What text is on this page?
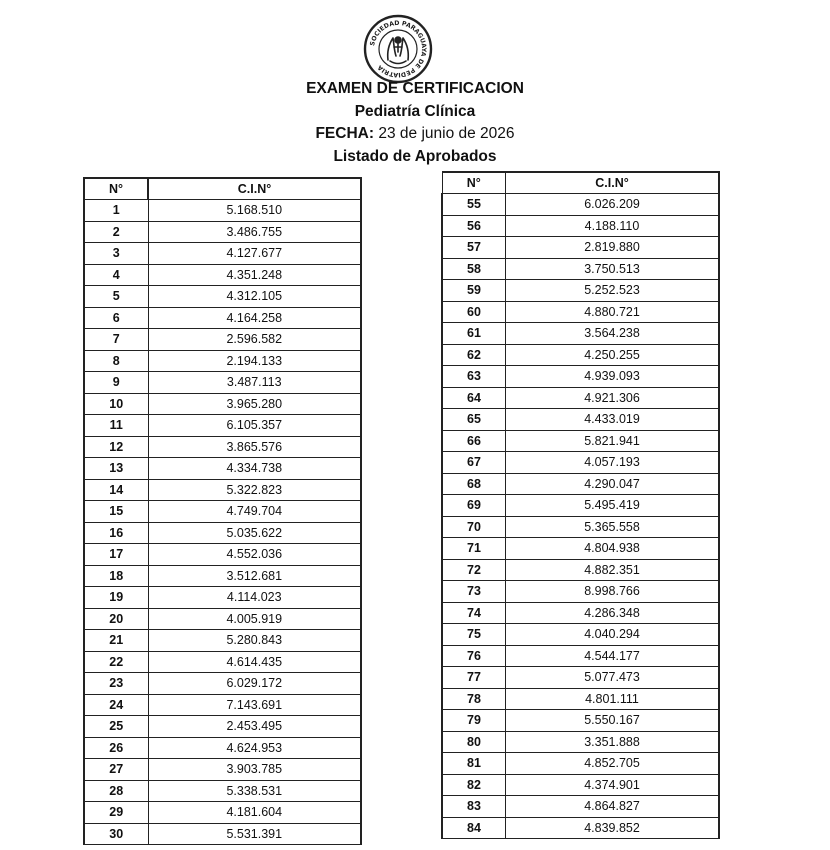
SOCIEDAD PARAGUAYA DE PEDIATRIA
EXAMEN DE CERTIFICACION
Pediatría Clínica
FECHA: 23 de junio de 2026
Listado de Aprobados
N°	C.I.N°
1	5.168.510
2	3.486.755
3	4.127.677
4	4.351.248
5	4.312.105
6	4.164.258
7	2.596.582
8	2.194.133
9	3.487.113
10	3.965.280
11	6.105.357
12	3.865.576
13	4.334.738
14	5.322.823
15	4.749.704
16	5.035.622
17	4.552.036
18	3.512.681
19	4.114.023
20	4.005.919
21	5.280.843
22	4.614.435
23	6.029.172
24	7.143.691
25	2.453.495
26	4.624.953
27	3.903.785
28	5.338.531
29	4.181.604
30	5.531.391
N°	C.I.N°
55	6.026.209
56	4.188.110
57	2.819.880
58	3.750.513
59	5.252.523
60	4.880.721
61	3.564.238
62	4.250.255
63	4.939.093
64	4.921.306
65	4.433.019
66	5.821.941
67	4.057.193
68	4.290.047
69	5.495.419
70	5.365.558
71	4.804.938
72	4.882.351
73	8.998.766
74	4.286.348
75	4.040.294
76	4.544.177
77	5.077.473
78	4.801.111
79	5.550.167
80	3.351.888
81	4.852.705
82	4.374.901
83	4.864.827
84	4.839.852
